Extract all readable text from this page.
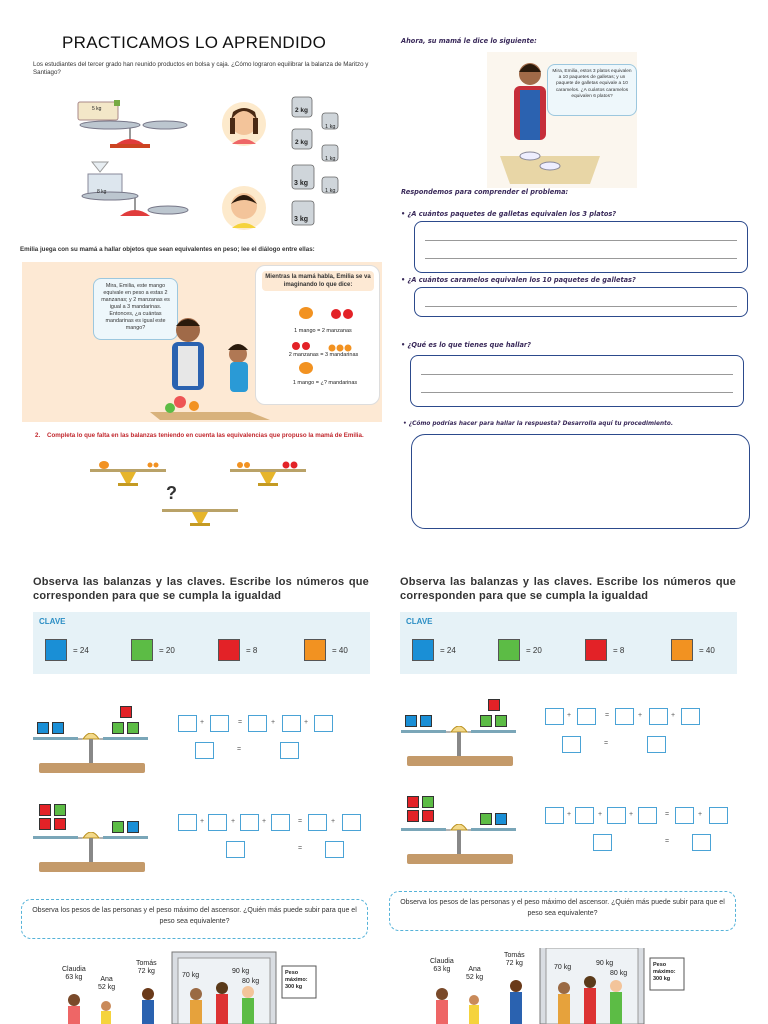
PRACTICAMOS LO APRENDIDO
Los estudiantes del tercer grado han reunido productos en bolsa y caja. ¿Cómo lograron equilibrar la balanza de Maritzo y Santiago?
5 kg
8 kg
2 kg
1 kg
2 kg
1 kg
3 kg
1 kg
3 kg
Emilia juega con su mamá a hallar objetos que sean equivalentes en peso; lee el diálogo entre ellas:
Mira, Emilia, este mango equivale en peso a estas 2 manzanas; y 2 manzanas es igual a 3 mandarinas. Entonces, ¿a cuántas mandarinas es igual este mango?
Mientras la mamá habla, Emilia se va imaginando lo que dice:
1 mango = 2 manzanas
2 manzanas = 3 mandarinas
1 mango = ¿? mandarinas
2.	Completa lo que falta en las balanzas teniendo en cuenta las equivalencias que propuso la mamá de Emilia.
?
Ahora, su mamá le dice lo siguiente:
Mira, Emilia, estos 3 platos equivalen a 10 paquetes de galletas; y un paquete de galletas equivale a 10 caramelos. ¿A cuántos caramelos equivalen 6 platos?
Respondemos para comprender el problema:
• ¿A cuántos paquetes de galletas equivalen los 3 platos?
• ¿A cuántos caramelos equivalen los 10 paquetes de galletas?
• ¿Qué es lo que tienes que hallar?
• ¿Cómo podrías hacer para hallar la respuesta? Desarrolla aquí tu procedimiento.
Observa las balanzas y las claves. Escribe los números que corresponden para que se cumpla la igualdad
CLAVE
= 24	= 20	= 8	= 40
+	=	+	+
=
+	+	+	=	+
=
Observa los pesos de las personas y el peso máximo del ascensor. ¿Quién más puede subir para que el peso sea equivalente?
Claudia
63 kg	Ana
52 kg
Tomás
72 kg
70 kg
90 kg
80 kg
Peso máximo:
300 kg
Observa las balanzas y las claves. Escribe los números que corresponden para que se cumpla la igualdad
CLAVE
= 24	= 20	= 8	= 40
+	=	+	+
=
+	+	+	=	+
=
Observa los pesos de las personas y el peso máximo del ascensor. ¿Quién más puede subir para que el peso sea equivalente?
Claudia
63 kg	Ana
52 kg
Tomás
72 kg
70 kg
90 kg
80 kg
Peso máximo:
300 kg
